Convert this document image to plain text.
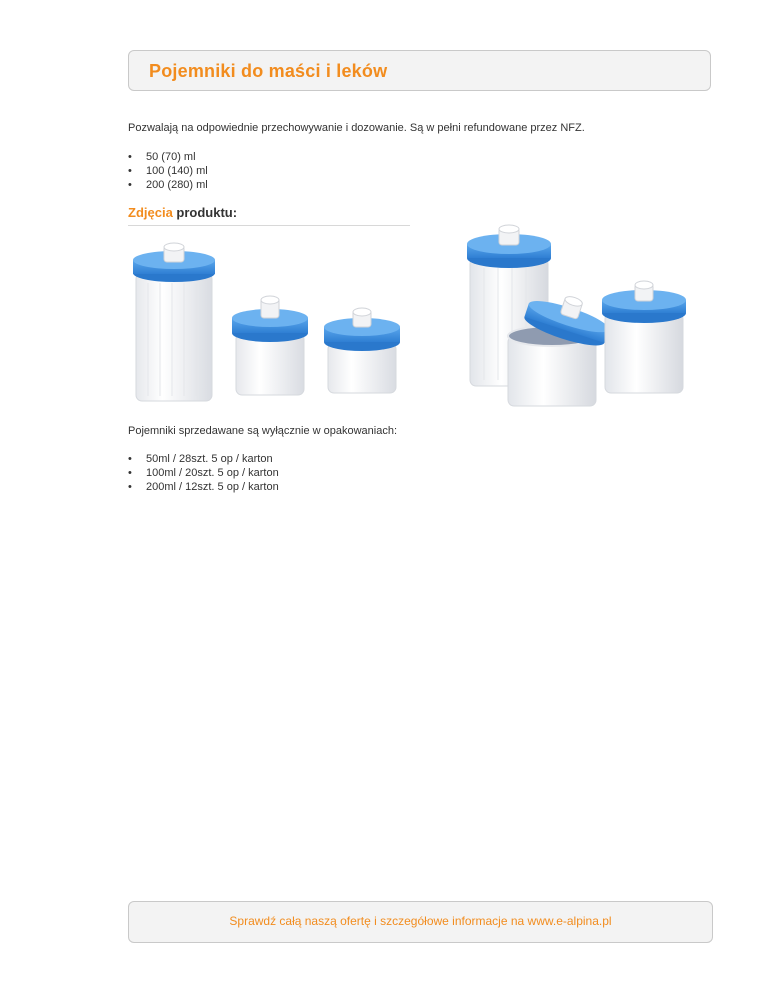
Pojemniki do maści i leków
Pozwalają na odpowiednie przechowywanie i dozowanie. Są w pełni refundowane przez NFZ.
• 50 (70) ml
• 100 (140) ml
• 200 (280) ml
Zdjęcia produktu:
Pojemniki sprzedawane są wyłącznie w opakowaniach:
• 50ml / 28szt. 5 op / karton
• 100ml / 20szt. 5 op / karton
• 200ml / 12szt. 5 op / karton
Sprawdź całą naszą ofertę i szczegółowe informacje na www.e-alpina.pl
